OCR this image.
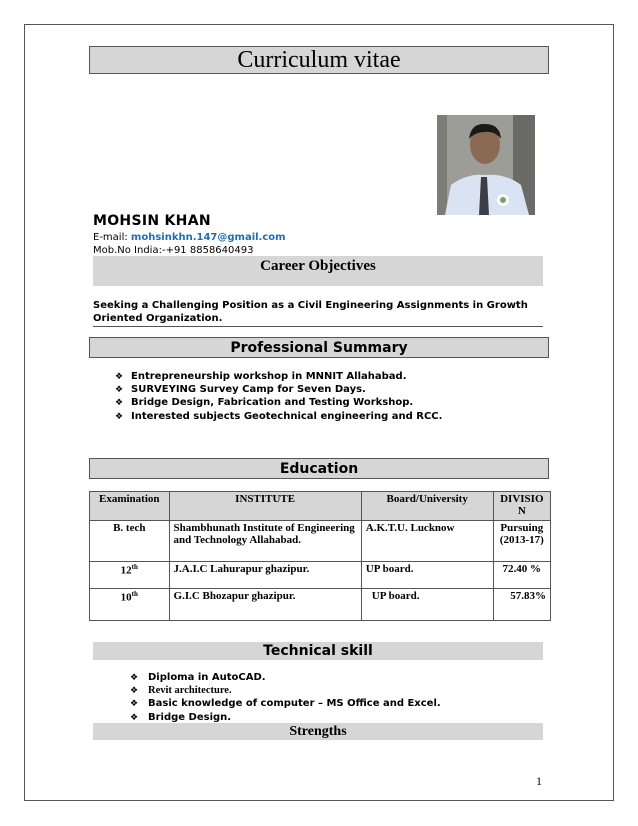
Curriculum vitae
MOHSIN KHAN
E-mail: mohsinkhn.147@gmail.com
Mob.No India:-+91 8858640493
Career Objectives
Seeking a Challenging Position as a Civil Engineering Assignments in Growth Oriented Organization.
Professional Summary
❖ Entrepreneurship workshop in MNNIT Allahabad.
❖ SURVEYING Survey Camp for Seven Days.
❖ Bridge Design, Fabrication and Testing Workshop.
❖ Interested subjects Geotechnical engineering and RCC.
Education
Examination	INSTITUTE	Board/University	DIVISIO N
B. tech	Shambhunath Institute of Engineering and Technology Allahabad.	A.K.T.U. Lucknow	Pursuing (2013-17)
12th	J.A.I.C Lahurapur ghazipur.	UP board.	72.40 %
10th	G.I.C Bhozapur ghazipur.	UP board.	57.83%
Technical skill
❖ Diploma in AutoCAD.
❖ Revit architecture.
❖ Basic knowledge of computer – MS Office and Excel.
❖ Bridge Design.
Strengths
1
